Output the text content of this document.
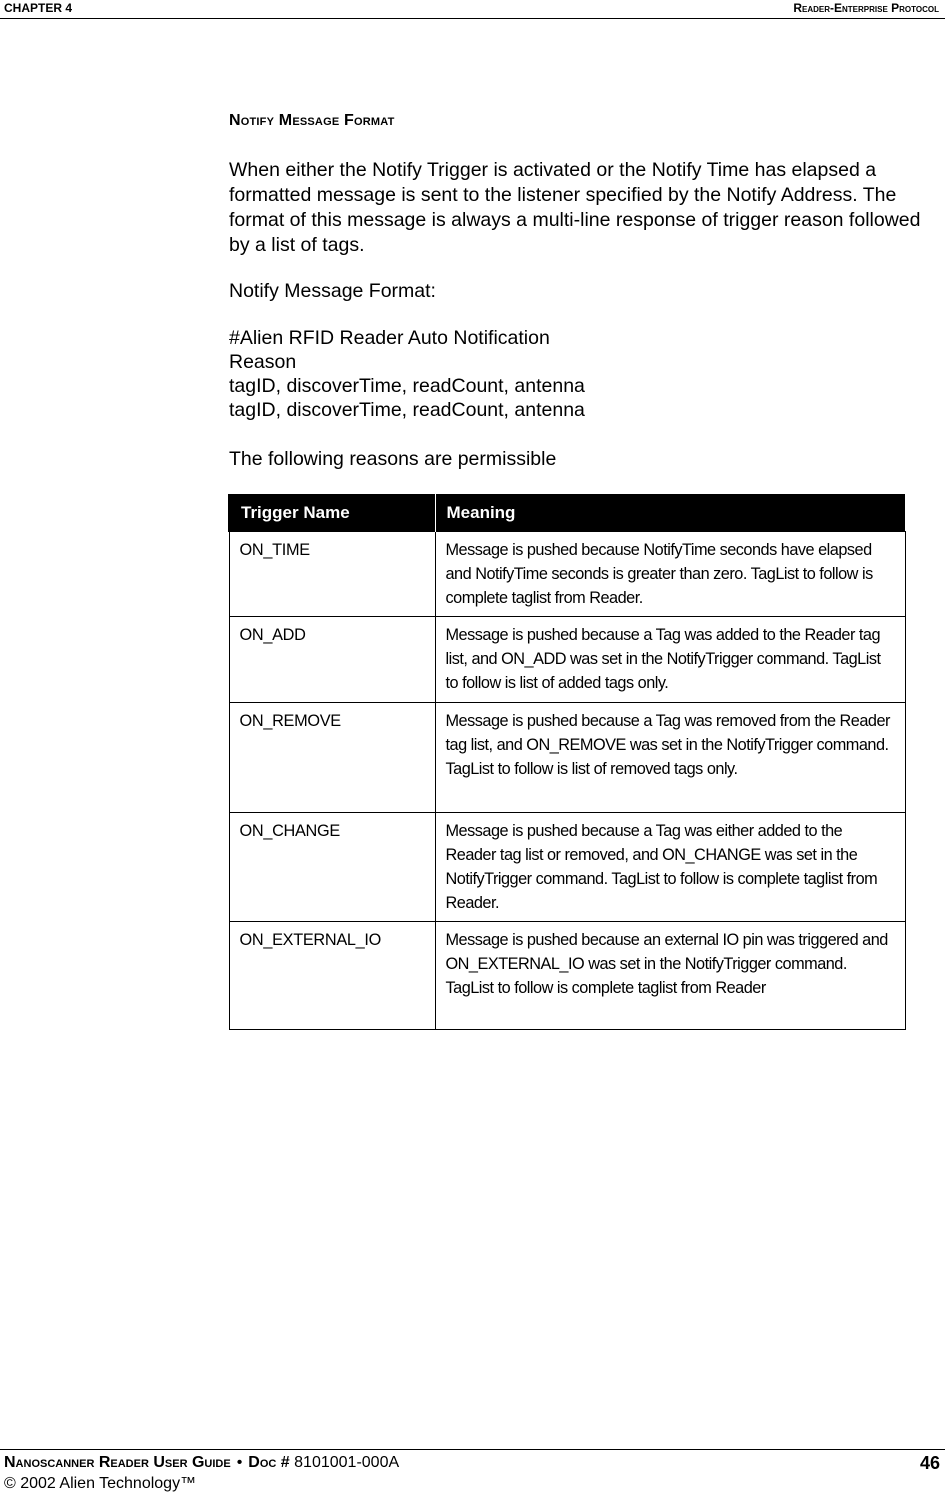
CHAPTER 4	Reader-Enterprise Protocol
Notify Message Format
When either the Notify Trigger is activated or the Notify Time has elapsed a formatted message is sent to the listener specified by the Notify Address. The format of this message is always a multi-line response of trigger reason followed by a list of tags.
Notify Message Format:
#Alien RFID Reader Auto Notification
Reason
tagID, discoverTime, readCount, antenna
tagID, discoverTime, readCount, antenna
The following reasons are permissible
Trigger Name	Meaning
ON_TIME	Message is pushed because NotifyTime seconds have elapsed and NotifyTime seconds is greater than zero. TagList to follow is complete taglist from Reader.
ON_ADD	Message is pushed because a Tag was added to the Reader tag list, and ON_ADD was set in the NotifyTrigger command. TagList to follow is list of added tags only.
ON_REMOVE	Message is pushed because a Tag was removed from the Reader tag list, and ON_REMOVE was set in the NotifyTrigger command. TagList to follow is list of removed tags only.
ON_CHANGE	Message is pushed because a Tag was either added to the Reader tag list or removed, and ON_CHANGE was set in the NotifyTrigger command. TagList to follow is complete taglist from Reader.
ON_EXTERNAL_IO	Message is pushed because an external IO pin was triggered and ON_EXTERNAL_IO was set in the NotifyTrigger command. TagList to follow is complete taglist from Reader
Nanoscanner Reader User Guide • Doc # 8101001-000A
© 2002 Alien Technology™
46
